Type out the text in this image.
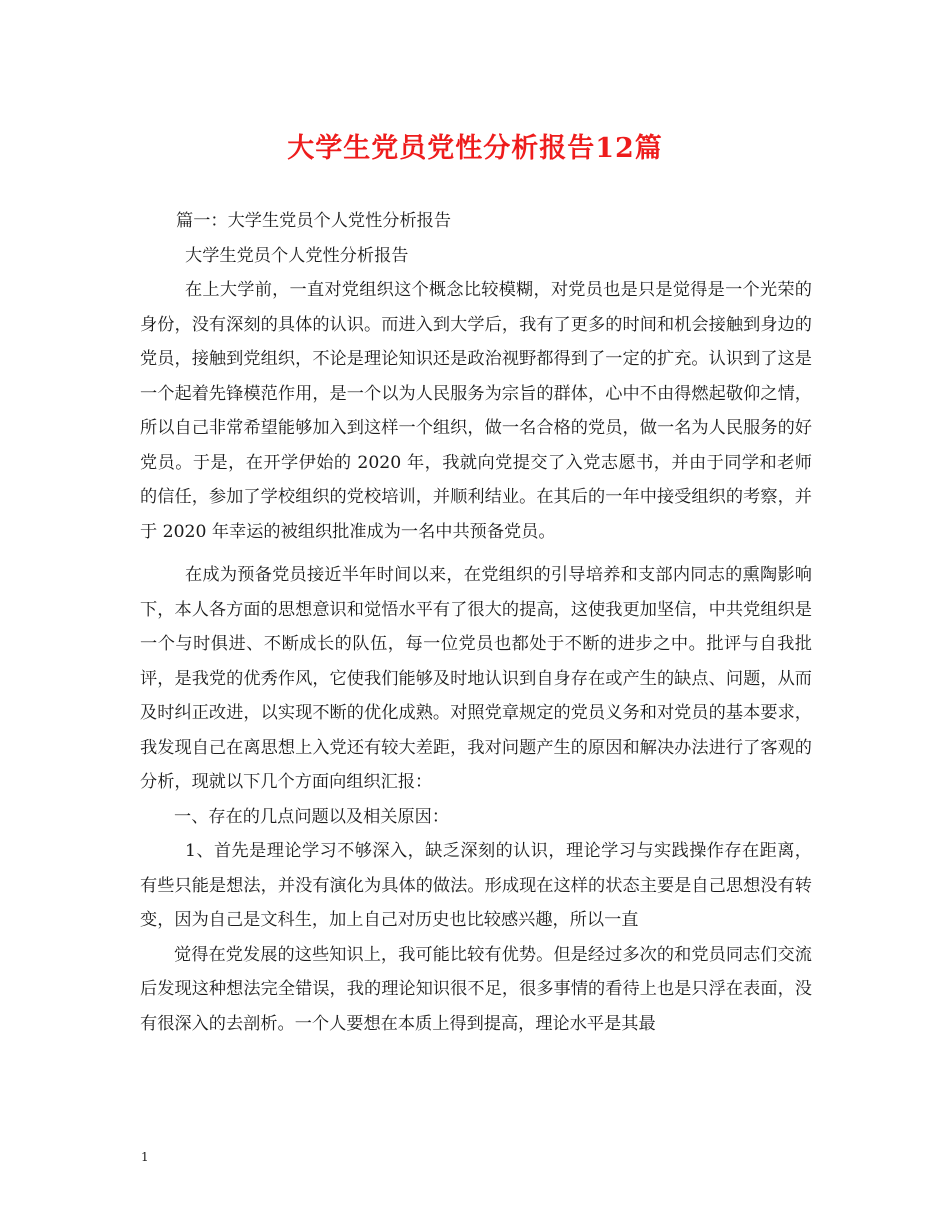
大学生党员党性分析报告12篇

篇一：大学生党员个人党性分析报告

大学生党员个人党性分析报告

在上大学前，一直对党组织这个概念比较模糊，对党员也是只是觉得是一个光荣的身份，没有深刻的具体的认识。而进入到大学后，我有了更多的时间和机会接触到身边的党员，接触到党组织，不论是理论知识还是政治视野都得到了一定的扩充。认识到了这是一个起着先锋模范作用，是一个以为人民服务为宗旨的群体，心中不由得燃起敬仰之情，所以自己非常希望能够加入到这样一个组织，做一名合格的党员，做一名为人民服务的好党员。于是，在开学伊始的 2020 年，我就向党提交了入党志愿书，并由于同学和老师的信任，参加了学校组织的党校培训，并顺利结业。在其后的一年中接受组织的考察，并于 2020 年幸运的被组织批准成为一名中共预备党员。

在成为预备党员接近半年时间以来，在党组织的引导培养和支部内同志的熏陶影响下，本人各方面的思想意识和觉悟水平有了很大的提高，这使我更加坚信，中共党组织是一个与时俱进、不断成长的队伍，每一位党员也都处于不断的进步之中。批评与自我批评，是我党的优秀作风，它使我们能够及时地认识到自身存在或产生的缺点、问题，从而及时纠正改进，以实现不断的优化成熟。对照党章规定的党员义务和对党员的基本要求，我发现自己在离思想上入党还有较大差距，我对问题产生的原因和解决办法进行了客观的分析，现就以下几个方面向组织汇报：

一、存在的几点问题以及相关原因：

1、首先是理论学习不够深入，缺乏深刻的认识，理论学习与实践操作存在距离，有些只能是想法，并没有演化为具体的做法。形成现在这样的状态主要是自己思想没有转变，因为自己是文科生，加上自己对历史也比较感兴趣，所以一直

觉得在党发展的这些知识上，我可能比较有优势。但是经过多次的和党员同志们交流后发现这种想法完全错误，我的理论知识很不足，很多事情的看待上也是只浮在表面，没有很深入的去剖析。一个人要想在本质上得到提高，理论水平是其最

1
